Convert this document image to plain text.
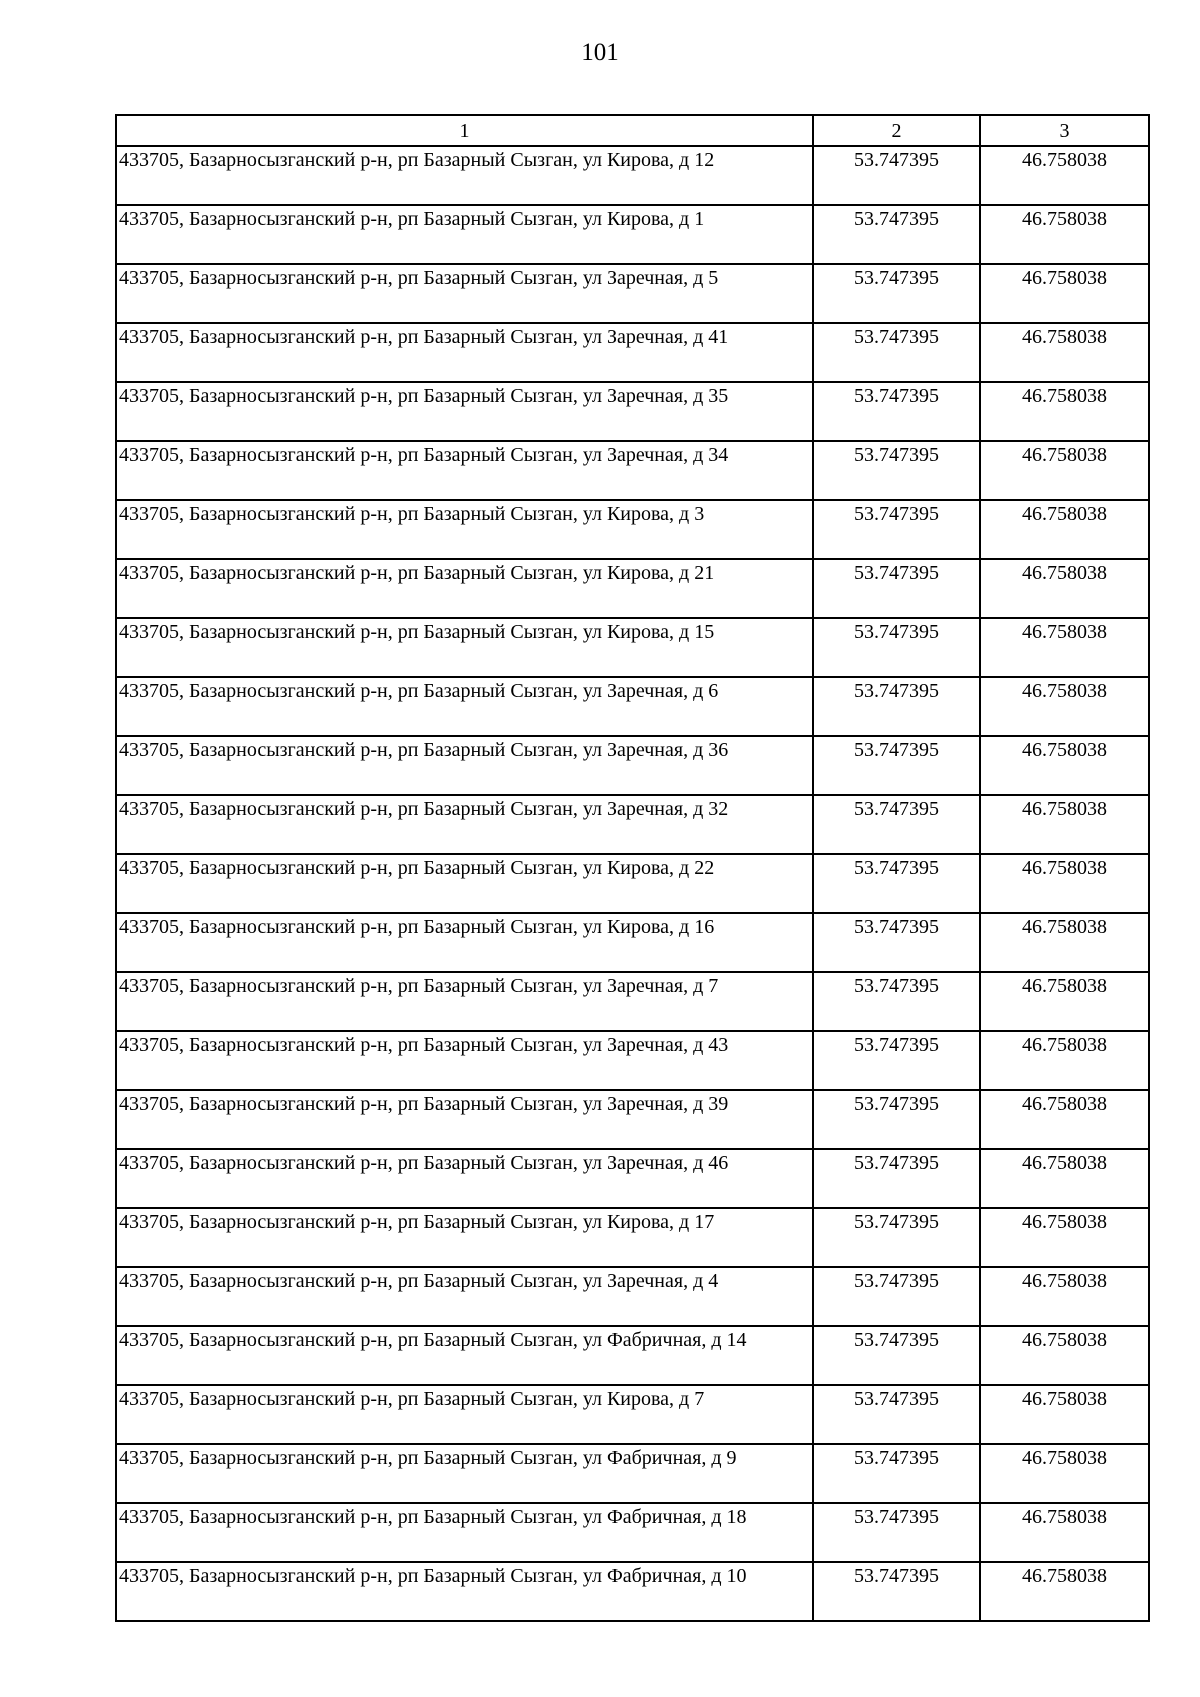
101
1	2	3
433705, Базарносызганский р-н, рп Базарный Сызган, ул Кирова, д 12	53.747395	46.758038
433705, Базарносызганский р-н, рп Базарный Сызган, ул Кирова, д 1	53.747395	46.758038
433705, Базарносызганский р-н, рп Базарный Сызган, ул Заречная, д 5	53.747395	46.758038
433705, Базарносызганский р-н, рп Базарный Сызган, ул Заречная, д 41	53.747395	46.758038
433705, Базарносызганский р-н, рп Базарный Сызган, ул Заречная, д 35	53.747395	46.758038
433705, Базарносызганский р-н, рп Базарный Сызган, ул Заречная, д 34	53.747395	46.758038
433705, Базарносызганский р-н, рп Базарный Сызган, ул Кирова, д 3	53.747395	46.758038
433705, Базарносызганский р-н, рп Базарный Сызган, ул Кирова, д 21	53.747395	46.758038
433705, Базарносызганский р-н, рп Базарный Сызган, ул Кирова, д 15	53.747395	46.758038
433705, Базарносызганский р-н, рп Базарный Сызган, ул Заречная, д 6	53.747395	46.758038
433705, Базарносызганский р-н, рп Базарный Сызган, ул Заречная, д 36	53.747395	46.758038
433705, Базарносызганский р-н, рп Базарный Сызган, ул Заречная, д 32	53.747395	46.758038
433705, Базарносызганский р-н, рп Базарный Сызган, ул Кирова, д 22	53.747395	46.758038
433705, Базарносызганский р-н, рп Базарный Сызган, ул Кирова, д 16	53.747395	46.758038
433705, Базарносызганский р-н, рп Базарный Сызган, ул Заречная, д 7	53.747395	46.758038
433705, Базарносызганский р-н, рп Базарный Сызган, ул Заречная, д 43	53.747395	46.758038
433705, Базарносызганский р-н, рп Базарный Сызган, ул Заречная, д 39	53.747395	46.758038
433705, Базарносызганский р-н, рп Базарный Сызган, ул Заречная, д 46	53.747395	46.758038
433705, Базарносызганский р-н, рп Базарный Сызган, ул Кирова, д 17	53.747395	46.758038
433705, Базарносызганский р-н, рп Базарный Сызган, ул Заречная, д 4	53.747395	46.758038
433705, Базарносызганский р-н, рп Базарный Сызган, ул Фабричная, д 14	53.747395	46.758038
433705, Базарносызганский р-н, рп Базарный Сызган, ул Кирова, д 7	53.747395	46.758038
433705, Базарносызганский р-н, рп Базарный Сызган, ул Фабричная, д 9	53.747395	46.758038
433705, Базарносызганский р-н, рп Базарный Сызган, ул Фабричная, д 18	53.747395	46.758038
433705, Базарносызганский р-н, рп Базарный Сызган, ул Фабричная, д 10	53.747395	46.758038
